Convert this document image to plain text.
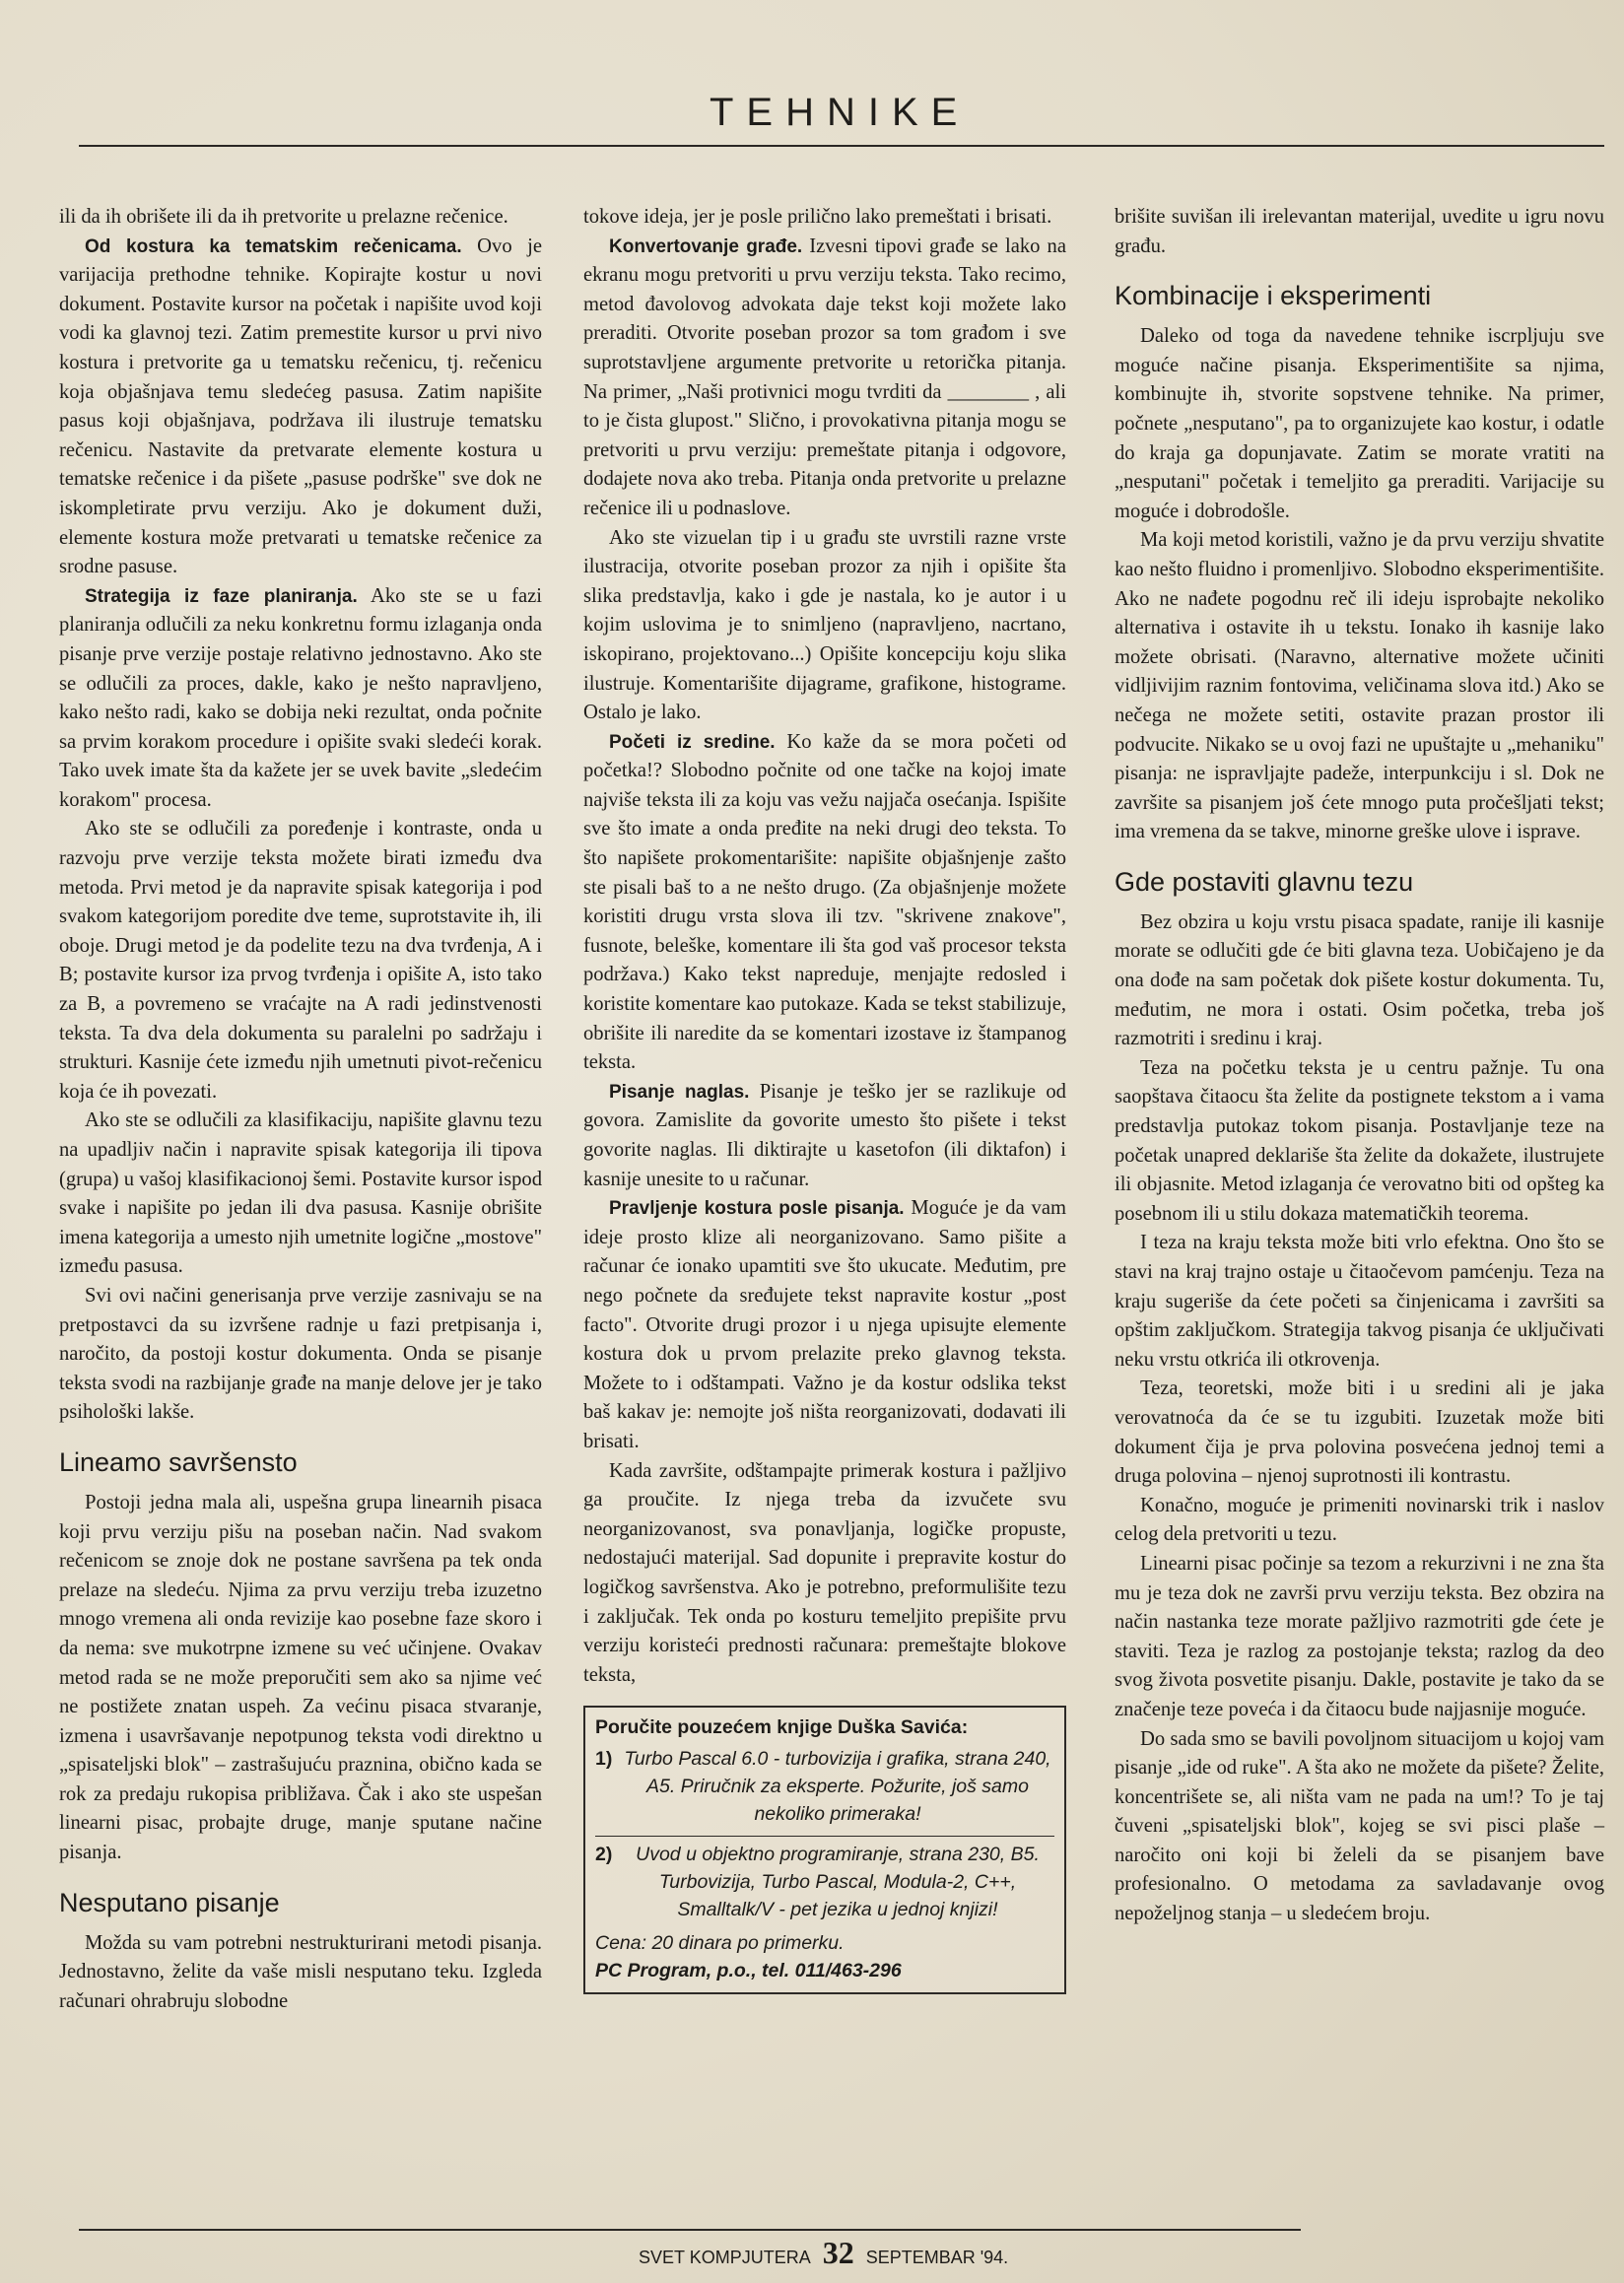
TEHNIKE

ili da ih obrišete ili da ih pretvorite u prelazne rečenice.

Od kostura ka tematskim rečenicama. Ovo je varijacija prethodne tehnike. Kopirajte kostur u novi dokument. Postavite kursor na početak i napišite uvod koji vodi ka glavnoj tezi. Zatim premestite kursor u prvi nivo kostura i pretvorite ga u tematsku rečenicu, tj. rečenicu koja objašnjava temu sledećeg pasusa. Zatim napišite pasus koji objašnjava, podržava ili ilustruje tematsku rečenicu. Nastavite da pretvarate elemente kostura u tematske rečenice i da pišete „pasuse podrške" sve dok ne iskompletirate prvu verziju. Ako je dokument duži, elemente kostura može pretvarati u tematske rečenice za srodne pasuse.

Strategija iz faze planiranja. Ako ste se u fazi planiranja odlučili za neku konkretnu formu izlaganja onda pisanje prve verzije postaje relativno jednostavno. Ako ste se odlučili za proces, dakle, kako je nešto napravljeno, kako nešto radi, kako se dobija neki rezultat, onda počnite sa prvim korakom procedure i opišite svaki sledeći korak. Tako uvek imate šta da kažete jer se uvek bavite „sledećim korakom" procesa.

Ako ste se odlučili za poređenje i kontraste, onda u razvoju prve verzije teksta možete birati između dva metoda. Prvi metod je da napravite spisak kategorija i pod svakom kategorijom poredite dve teme, suprotstavite ih, ili oboje. Drugi metod je da podelite tezu na dva tvrđenja, A i B; postavite kursor iza prvog tvrđenja i opišite A, isto tako za B, a povremeno se vraćajte na A radi jedinstvenosti teksta. Ta dva dela dokumenta su paralelni po sadržaju i strukturi. Kasnije ćete između njih umetnuti pivot-rečenicu koja će ih povezati.

Ako ste se odlučili za klasifikaciju, napišite glavnu tezu na upadljiv način i napravite spisak kategorija ili tipova (grupa) u vašoj klasifikacionoj šemi. Postavite kursor ispod svake i napišite po jedan ili dva pasusa. Kasnije obrišite imena kategorija a umesto njih umetnite logične „mostove" između pasusa.

Svi ovi načini generisanja prve verzije zasnivaju se na pretpostavci da su izvršene radnje u fazi pretpisanja i, naročito, da postoji kostur dokumenta. Onda se pisanje teksta svodi na razbijanje građe na manje delove jer je tako psihološki lakše.

Lineamo savršensto

Postoji jedna mala ali, uspešna grupa linearnih pisaca koji prvu verziju pišu na poseban način. Nad svakom rečenicom se znoje dok ne postane savršena pa tek onda prelaze na sledeću. Njima za prvu verziju treba izuzetno mnogo vremena ali onda revizije kao posebne faze skoro i da nema: sve mukotrpne izmene su već učinjene. Ovakav metod rada se ne može preporučiti sem ako sa njime već ne postižete znatan uspeh. Za većinu pisaca stvaranje, izmena i usavršavanje nepotpunog teksta vodi direktno u „spisateljski blok" – zastrašujuću praznina, obično kada se rok za predaju rukopisa približava. Čak i ako ste uspešan linearni pisac, probajte druge, manje sputane načine pisanja.

Nesputano pisanje

Možda su vam potrebni nestrukturirani metodi pisanja. Jednostavno, želite da vaše misli nesputano teku. Izgleda računari ohrabruju slobodne

tokove ideja, jer je posle prilično lako premeštati i brisati.

Konvertovanje građe. Izvesni tipovi građe se lako na ekranu mogu pretvoriti u prvu verziju teksta. Tako recimo, metod đavolovog advokata daje tekst koji možete lako preraditi. Otvorite poseban prozor sa tom građom i sve suprotstavljene argumente pretvorite u retorička pitanja. Na primer, „Naši protivnici mogu tvrditi da ________ , ali to je čista glupost." Slično, i provokativna pitanja mogu se pretvoriti u prvu verziju: premeštate pitanja i odgovore, dodajete nova ako treba. Pitanja onda pretvorite u prelazne rečenice ili u podnaslove.

Ako ste vizuelan tip i u građu ste uvrstili razne vrste ilustracija, otvorite poseban prozor za njih i opišite šta slika predstavlja, kako i gde je nastala, ko je autor i u kojim uslovima je to snimljeno (napravljeno, nacrtano, iskopirano, projektovano...) Opišite koncepciju koju slika ilustruje. Komentarišite dijagrame, grafikone, histograme. Ostalo je lako.

Početi iz sredine. Ko kaže da se mora početi od početka!? Slobodno počnite od one tačke na kojoj imate najviše teksta ili za koju vas vežu najjača osećanja. Ispišite sve što imate a onda pređite na neki drugi deo teksta. To što napišete prokomentarišite: napišite objašnjenje zašto ste pisali baš to a ne nešto drugo. (Za objašnjenje možete koristiti drugu vrsta slova ili tzv. "skrivene znakove", fusnote, beleške, komentare ili šta god vaš procesor teksta podržava.) Kako tekst napreduje, menjajte redosled i koristite komentare kao putokaze. Kada se tekst stabilizuje, obrišite ili naredite da se komentari izostave iz štampanog teksta.

Pisanje naglas. Pisanje je teško jer se razlikuje od govora. Zamislite da govorite umesto što pišete i tekst govorite naglas. Ili diktirajte u kasetofon (ili diktafon) i kasnije unesite to u računar.

Pravljenje kostura posle pisanja. Moguće je da vam ideje prosto klize ali neorganizovano. Samo pišite a računar će ionako upamtiti sve što ukucate. Međutim, pre nego počnete da sređujete tekst napravite kostur „post facto". Otvorite drugi prozor i u njega upisujte elemente kostura dok u prvom prelazite preko glavnog teksta. Možete to i odštampati. Važno je da kostur odslika tekst baš kakav je: nemojte još ništa reorganizovati, dodavati ili brisati.

Kada završite, odštampajte primerak kostura i pažljivo ga proučite. Iz njega treba da izvučete svu neorganizovanost, sva ponavljanja, logičke propuste, nedostajući materijal. Sad dopunite i prepravite kostur do logičkog savršenstva. Ako je potrebno, preformulišite tezu i zaključak. Tek onda po kosturu temeljito prepišite prvu verziju koristeći prednosti računara: premeštajte blokove teksta,

Poručite pouzećem knjige Duška Savića:
1) Turbo Pascal 6.0 - turbovizija i grafika, strana 240, A5. Priručnik za eksperte. Požurite, još samo nekoliko primeraka!
2)	Uvod u objektno programiranje, strana 230, B5. Turbovizija, Turbo Pascal, Modula-2, C++, Smalltalk/V - pet jezika u jednoj knjizi!
Cena: 20 dinara po primerku.
PC Program, p.o., tel. 011/463-296

brišite suvišan ili irelevantan materijal, uvedite u igru novu građu.

Kombinacije i eksperimenti

Daleko od toga da navedene tehnike iscrpljuju sve moguće načine pisanja. Eksperimentišite sa njima, kombinujte ih, stvorite sopstvene tehnike. Na primer, počnete „nesputano", pa to organizujete kao kostur, i odatle do kraja ga dopunjavate. Zatim se morate vratiti na „nesputani" početak i temeljito ga preraditi. Varijacije su moguće i dobrodošle.

Ma koji metod koristili, važno je da prvu verziju shvatite kao nešto fluidno i promenljivo. Slobodno eksperimentišite. Ako ne nađete pogodnu reč ili ideju isprobajte nekoliko alternativa i ostavite ih u tekstu. Ionako ih kasnije lako možete obrisati. (Naravno, alternative možete učiniti vidljivijim raznim fontovima, veličinama slova itd.) Ako se nečega ne možete setiti, ostavite prazan prostor ili podvucite. Nikako se u ovoj fazi ne upuštajte u „mehaniku" pisanja: ne ispravljajte padeže, interpunkciju i sl. Dok ne završite sa pisanjem još ćete mnogo puta pročešljati tekst; ima vremena da se takve, minorne greške ulove i isprave.

Gde postaviti glavnu tezu

Bez obzira u koju vrstu pisaca spadate, ranije ili kasnije morate se odlučiti gde će biti glavna teza. Uobičajeno je da ona dođe na sam početak dok pišete kostur dokumenta. Tu, međutim, ne mora i ostati. Osim početka, treba još razmotriti i sredinu i kraj.

Teza na početku teksta je u centru pažnje. Tu ona saopštava čitaocu šta želite da postignete tekstom a i vama predstavlja putokaz tokom pisanja. Postavljanje teze na početak unapred deklariše šta želite da dokažete, ilustrujete ili objasnite. Metod izlaganja će verovatno biti od opšteg ka posebnom ili u stilu dokaza matematičkih teorema.

I teza na kraju teksta može biti vrlo efektna. Ono što se stavi na kraj trajno ostaje u čitaočevom pamćenju. Teza na kraju sugeriše da ćete početi sa činjenicama i završiti sa opštim zaključkom. Strategija takvog pisanja će uključivati neku vrstu otkrića ili otkrovenja.

Teza, teoretski, može biti i u sredini ali je jaka verovatnoća da će se tu izgubiti. Izuzetak može biti dokument čija je prva polovina posvećena jednoj temi a druga polovina – njenoj suprotnosti ili kontrastu.

Konačno, moguće je primeniti novinarski trik i naslov celog dela pretvoriti u tezu.

Linearni pisac počinje sa tezom a rekurzivni i ne zna šta mu je teza dok ne završi prvu verziju teksta. Bez obzira na način nastanka teze morate pažljivo razmotriti gde ćete je staviti. Teza je razlog za postojanje teksta; razlog da deo svog života posvetite pisanju. Dakle, postavite je tako da se značenje teze poveća i da čitaocu bude najjasnije moguće.

Do sada smo se bavili povoljnom situacijom u kojoj vam pisanje „ide od ruke". A šta ako ne možete da pišete? Želite, koncentrišete se, ali ništa vam ne pada na um!? To je taj čuveni „spisateljski blok", kojeg se svi pisci plaše – naročito oni koji bi želeli da se pisanjem bave profesionalno. O metodama za savladavanje ovog nepoželjnog stanja – u sledećem broju.

SVET KOMPJUTERA 32 SEPTEMBAR '94.
